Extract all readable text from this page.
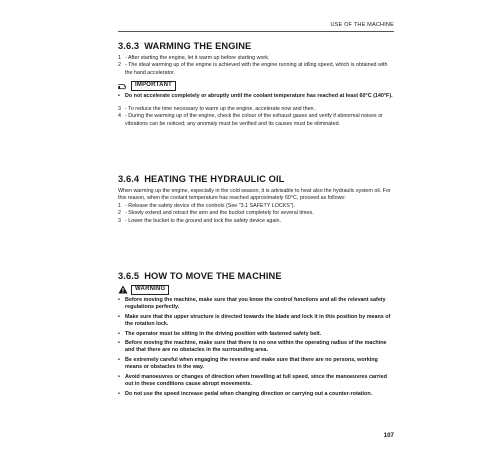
USE OF THE MACHINE
3.6.3 WARMING THE ENGINE
1 - After starting the engine, let it warm up before starting work.
2 - The ideal warming up of the engine is achieved with the engine running at idling speed, which is obtained with the hand accelerator.
IMPORTANT
• Do not accelerate completely or abruptly until the coolant temperature has reached at least 60°C (140°F).
3 - To reduce the time necessary to warm up the engine, accelerate now and then.
4 - During the warming up of the engine, check the colour of the exhaust gases and verify if abnormal noises or vibrations can be noticed; any anomaly must be verified and its causes must be eliminated.
3.6.4 HEATING THE HYDRAULIC OIL
When warming up the engine, especially in the cold season, it is advisable to heat also the hydraulic system oil. For this reason, when the coolant temperature has reached approximately 60°C, proceed as follows:
1 - Release the safety device of the controls (See "3.1 SAFETY LOCKS").
2 - Slowly extend and retract the arm and the bucket completely for several times.
3 - Lower the bucket to the ground and lock the safety device again.
3.6.5 HOW TO MOVE THE MACHINE
WARNING
• Before moving the machine, make sure that you know the control functions and all the relevant safety regulations perfectly.
• Make sure that the upper structure is directed towards the blade and lock it in this position by means of the rotation lock.
• The operator must be sitting in the driving position with fastened safety belt.
• Before moving the machine, make sure that there is no one within the operating radius of the machine and that there are no obstacles in the surrounding area.
• Be extremely careful when engaging the reverse and make sure that there are no persons, working means or obstacles in the way.
• Avoid manoeuvres or changes of direction when travelling at full speed, since the manoeuvres carried out in these conditions cause abrupt movements.
• Do not use the speed increase pedal when changing direction or carrying out a counter-rotation.
107
